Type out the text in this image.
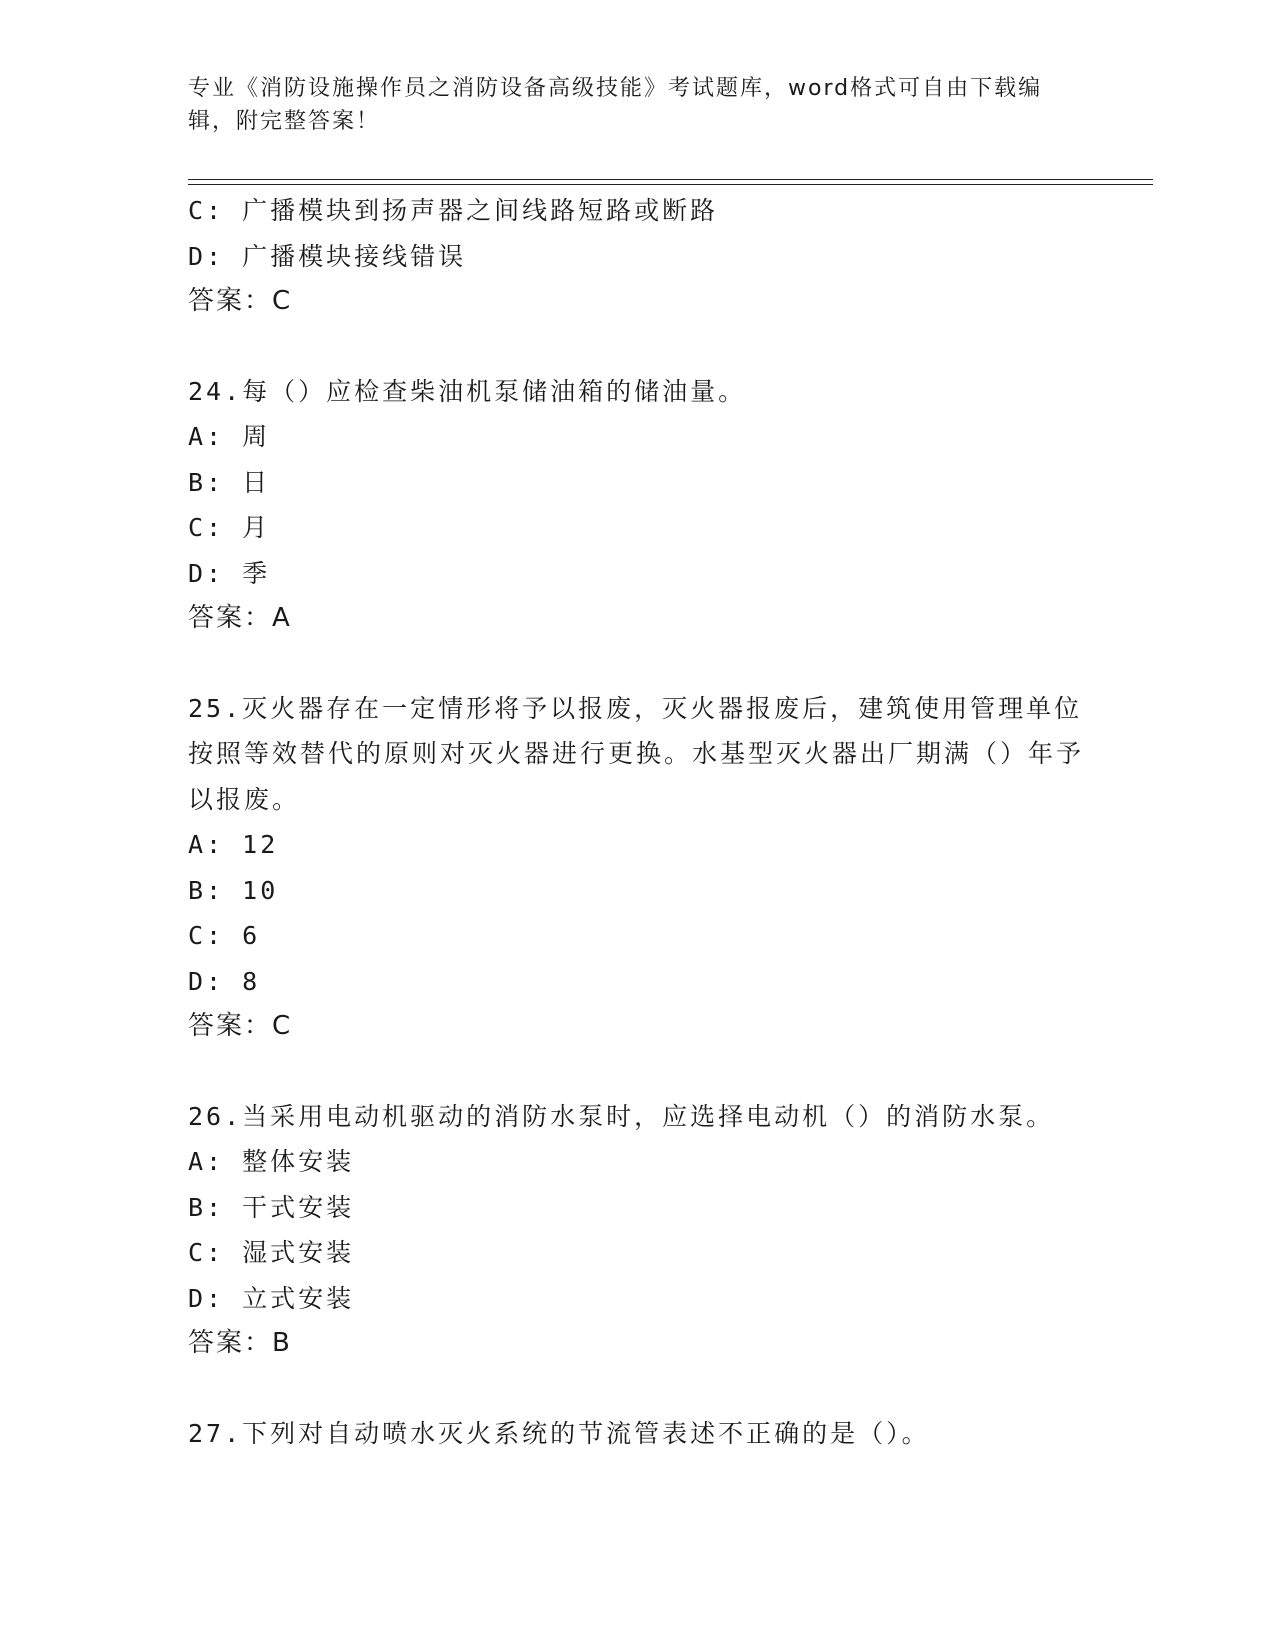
专业《消防设施操作员之消防设备高级技能》考试题库，word格式可自由下载编辑，附完整答案！
C: 广播模块到扬声器之间线路短路或断路
D: 广播模块接线错误
答案：C
24.每（）应检查柴油机泵储油箱的储油量。
A: 周
B: 日
C: 月
D: 季
答案：A
25.灭火器存在一定情形将予以报废，灭火器报废后，建筑使用管理单位按照等效替代的原则对灭火器进行更换。水基型灭火器出厂期满（）年予以报废。
A: 12
B: 10
C: 6
D: 8
答案：C
26.当采用电动机驱动的消防水泵时，应选择电动机（）的消防水泵。
A: 整体安装
B: 干式安装
C: 湿式安装
D: 立式安装
答案：B
27.下列对自动喷水灭火系统的节流管表述不正确的是（）。
